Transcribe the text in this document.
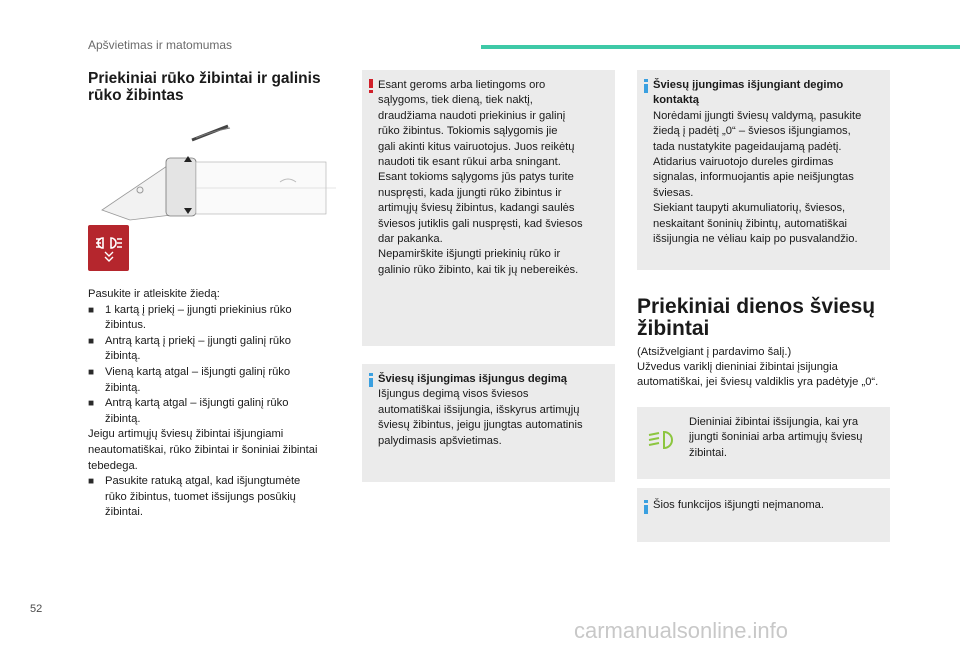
Apšvietimas ir matomumas
Priekiniai rūko žibintai ir galinis
rūko žibintas

Pasukite ir atleiskite žiedą:

■ 1 kartą į priekį – įjungti priekinius rūko
žibintus.

■ Antrą kartą į priekį – įjungti galinį rūko
žibintą.

■ Vieną kartą atgal – išjungti galinį rūko
žibintą.

■ Antrą kartą atgal – išjungti galinį rūko
žibintą.

Jeigu artimųjų šviesų žibintai išjungiami
neautomatiškai, rūko žibintai ir šoniniai žibintai
tebedega.

■ Pasukite ratuką atgal, kad išjungtumėte
rūko žibintus, tuomet išsijungs posūkių
žibintai.

Esant geroms arba lietingoms oro
sąlygoms, tiek dieną, tiek naktį,
draudžiama naudoti priekinius ir galinį
rūko žibintus. Tokiomis sąlygomis jie
gali akinti kitus vairuotojus. Juos reikėtų
naudoti tik esant rūkui arba sningant.
Esant tokioms sąlygoms jūs patys turite
nuspręsti, kada įjungti rūko žibintus ir
artimųjų šviesų žibintus, kadangi saulės
šviesos jutiklis gali nuspręsti, kad šviesos
dar pakanka.
Nepamirškite išjungti priekinių rūko ir
galinio rūko žibinto, kai tik jų nebereikės.

Šviesų išjungimas išjungus degimą

Išjungus degimą visos šviesos
automatiškai išsijungia, išskyrus artimųjų
šviesų žibintus, jeigu įjungtas automatinis
palydimasis apšvietimas.

Šviesų įjungimas išjungiant degimo
kontaktą

Norėdami įjungti šviesų valdymą, pasukite
žiedą į padėtį „0“ – šviesos išjungiamos,
tada nustatykite pageidaujamą padėtį.
Atidarius vairuotojo dureles girdimas
signalas, informuojantis apie neišjungtas
šviesas.
Siekiant taupyti akumuliatorių, šviesos,
neskaitant šoninių žibintų, automatiškai
išsijungia ne vėliau kaip po pusvalandžio.

Priekiniai dienos šviesų
žibintai

(Atsižvelgiant į pardavimo šalį.)
Užvedus variklį dieniniai žibintai įsijungia
automatiškai, jei šviesų valdiklis yra padėtyje „0“.

Dieniniai žibintai išsijungia, kai yra
įjungti šoniniai arba artimųjų šviesų
žibintai.

Šios funkcijos išjungti neįmanoma.

52
carmanualsonline.info
